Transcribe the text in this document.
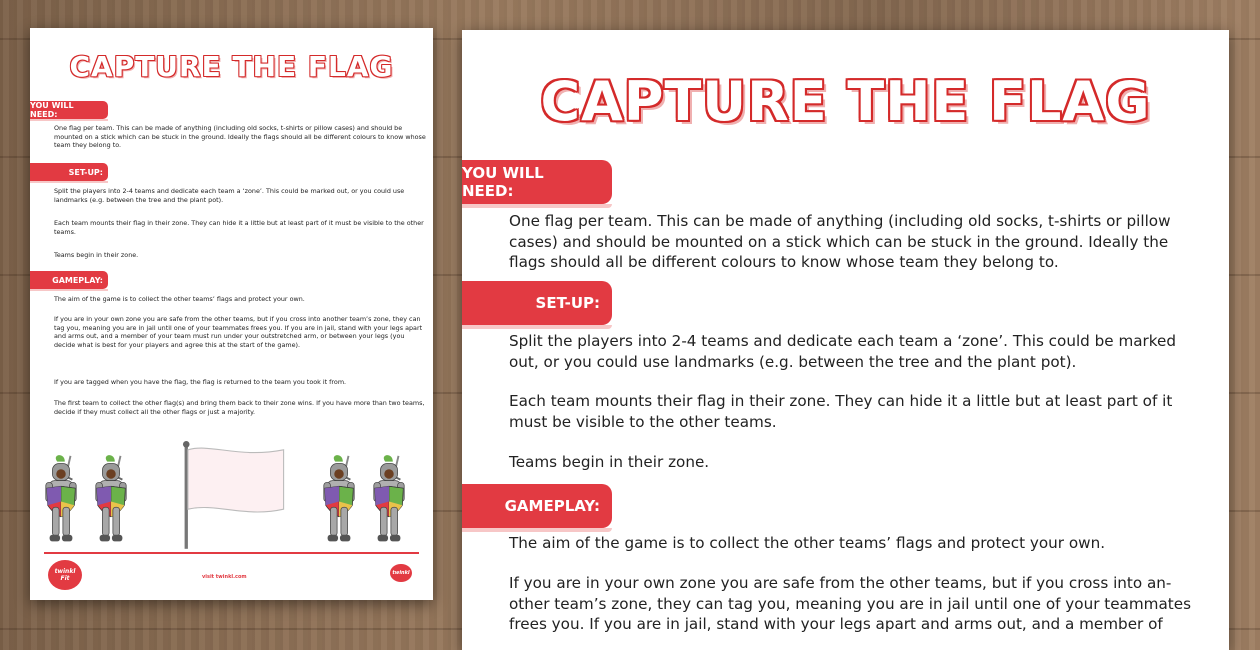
CAPTURE THE FLAG
YOU WILL NEED:

One flag per team. This can be made of anything (including old socks, t-shirts or pillow cases) and should be mounted on a stick which can be stuck in the ground. Ideally the flags should all be different colours to know whose team they belong to.

SET-UP:

Split the players into 2-4 teams and dedicate each team a ‘zone’. This could be marked out, or you could use landmarks (e.g. between the tree and the plant pot).

Each team mounts their flag in their zone. They can hide it a little but at least part of it must be visible to the other teams.

Teams begin in their zone.

GAMEPLAY:

The aim of the game is to collect the other teams’ flags and protect your own.

If you are in your own zone you are safe from the other teams, but if you cross into another team’s zone, they can tag you, meaning you are in jail until one of your teammates frees you. If you are in jail, stand with your legs apart and arms out, and a member of your team must run under your outstretched arm, or between your legs (you decide what is best for your players and agree this at the start of the game).

If you are tagged when you have the flag, the flag is returned to the team you took it from.

The first team to collect the other flag(s) and bring them back to their zone wins. If you have more than two teams, decide if they must collect all the other flags or just a majority.

twinkl
Fit	visit twinkl.com
twinkl
CAPTURE THE FLAG
YOU WILL NEED:

One flag per team. This can be made of anything (including old socks, t-shirts or pillow cases) and should be mounted on a stick which can be stuck in the ground. Ideally the flags should all be different colours to know whose team they belong to.

SET-UP:

Split the players into 2-4 teams and dedicate each team a ‘zone’. This could be marked out, or you could use landmarks (e.g. between the tree and the plant pot).

Each team mounts their flag in their zone. They can hide it a little but at least part of it must be visible to the other teams.

Teams begin in their zone.

GAMEPLAY:

The aim of the game is to collect the other teams’ flags and protect your own.

If you are in your own zone you are safe from the other teams, but if you cross into an- other team’s zone, they can tag you, meaning you are in jail until one of your teammates frees you. If you are in jail, stand with your legs apart and arms out, and a member of
